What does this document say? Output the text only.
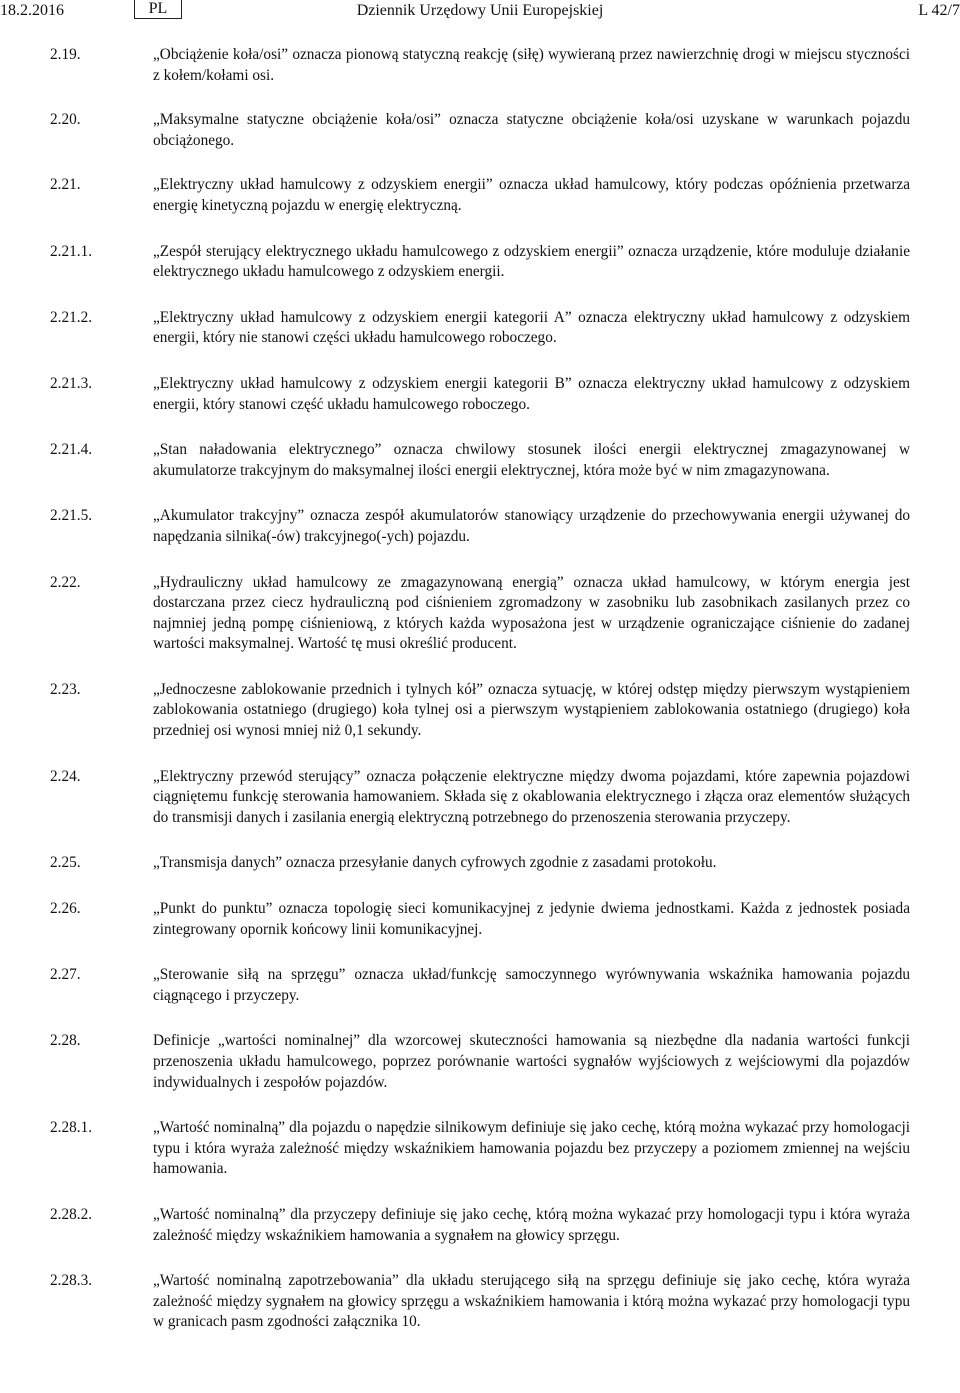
18.2.2016	Dziennik Urzędowy Unii Europejskiej
PL	L 42/7
2.19.	„Obciążenie koła/osi” oznacza pionową statyczną reakcję (siłę) wywieraną przez nawierzchnię drogi w miejscu styczności z kołem/kołami osi.
2.20.	„Maksymalne statyczne obciążenie koła/osi” oznacza statyczne obciążenie koła/osi uzyskane w warunkach pojazdu obciążonego.
2.21.	„Elektryczny układ hamulcowy z odzyskiem energii” oznacza układ hamulcowy, który podczas opóźnienia przetwarza energię kinetyczną pojazdu w energię elektryczną.
2.21.1.	„Zespół sterujący elektrycznego układu hamulcowego z odzyskiem energii” oznacza urządzenie, które moduluje działanie elektrycznego układu hamulcowego z odzyskiem energii.
2.21.2.	„Elektryczny układ hamulcowy z odzyskiem energii kategorii A” oznacza elektryczny układ hamulcowy z odzyskiem energii, który nie stanowi części układu hamulcowego roboczego.
2.21.3.	„Elektryczny układ hamulcowy z odzyskiem energii kategorii B” oznacza elektryczny układ hamulcowy z odzyskiem energii, który stanowi część układu hamulcowego roboczego.
2.21.4.	„Stan naładowania elektrycznego” oznacza chwilowy stosunek ilości energii elektrycznej zmagazynowanej w akumulatorze trakcyjnym do maksymalnej ilości energii elektrycznej, która może być w nim zmagazynowana.
2.21.5.	„Akumulator trakcyjny” oznacza zespół akumulatorów stanowiący urządzenie do przechowywania energii używanej do napędzania silnika(-ów) trakcyjnego(-ych) pojazdu.
2.22.	„Hydrauliczny układ hamulcowy ze zmagazynowaną energią” oznacza układ hamulcowy, w którym energia jest dostarczana przez ciecz hydrauliczną pod ciśnieniem zgromadzony w zasobniku lub zasobnikach zasilanych przez co najmniej jedną pompę ciśnieniową, z których każda wyposażona jest w urządzenie ograniczające ciśnienie do zadanej wartości maksymalnej. Wartość tę musi określić producent.
2.23.	„Jednoczesne zablokowanie przednich i tylnych kół” oznacza sytuację, w której odstęp między pierwszym wystąpieniem zablokowania ostatniego (drugiego) koła tylnej osi a pierwszym wystąpieniem zablokowania ostatniego (drugiego) koła przedniej osi wynosi mniej niż 0,1 sekundy.
2.24.	„Elektryczny przewód sterujący” oznacza połączenie elektryczne między dwoma pojazdami, które zapewnia pojazdowi ciągniętemu funkcję sterowania hamowaniem. Składa się z okablowania elektrycznego i złącza oraz elementów służących do transmisji danych i zasilania energią elektryczną potrzebnego do przenoszenia sterowania przyczepy.
2.25.	„Transmisja danych” oznacza przesyłanie danych cyfrowych zgodnie z zasadami protokołu.
2.26.	„Punkt do punktu” oznacza topologię sieci komunikacyjnej z jedynie dwiema jednostkami. Każda z jednostek posiada zintegrowany opornik końcowy linii komunikacyjnej.
2.27.	„Sterowanie siłą na sprzęgu” oznacza układ/funkcję samoczynnego wyrównywania wskaźnika hamowania pojazdu ciągnącego i przyczepy.
2.28.	Definicje „wartości nominalnej” dla wzorcowej skuteczności hamowania są niezbędne dla nadania wartości funkcji przenoszenia układu hamulcowego, poprzez porównanie wartości sygnałów wyjściowych z wejściowymi dla pojazdów indywidualnych i zespołów pojazdów.
2.28.1.	„Wartość nominalną” dla pojazdu o napędzie silnikowym definiuje się jako cechę, którą można wykazać przy homologacji typu i która wyraża zależność między wskaźnikiem hamowania pojazdu bez przyczepy a poziomem zmiennej na wejściu hamowania.
2.28.2.	„Wartość nominalną” dla przyczepy definiuje się jako cechę, którą można wykazać przy homologacji typu i która wyraża zależność między wskaźnikiem hamowania a sygnałem na głowicy sprzęgu.
2.28.3.	„Wartość nominalną zapotrzebowania” dla układu sterującego siłą na sprzęgu definiuje się jako cechę, która wyraża zależność między sygnałem na głowicy sprzęgu a wskaźnikiem hamowania i którą można wykazać przy homologacji typu w granicach pasm zgodności załącznika 10.
